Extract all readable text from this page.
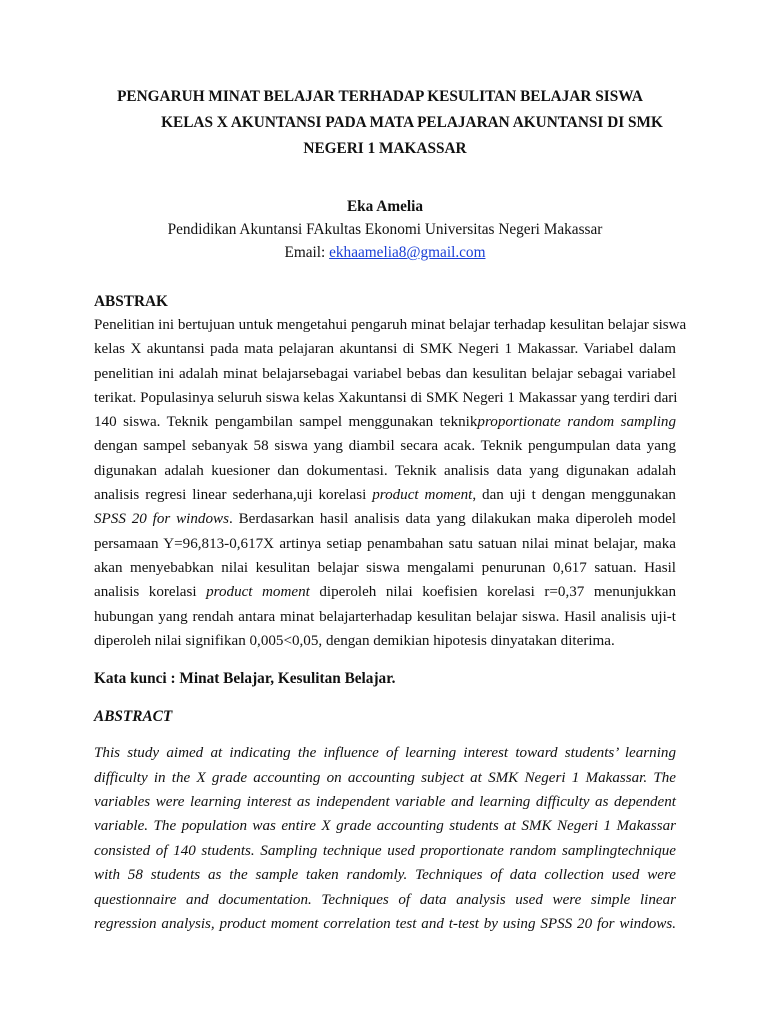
PENGARUH MINAT BELAJAR TERHADAP KESULITAN BELAJAR SISWA
KELAS X AKUNTANSI PADA MATA PELAJARAN AKUNTANSI DI SMK
NEGERI 1 MAKASSAR

Eka Amelia

Pendidikan Akuntansi FAkultas Ekonomi Universitas Negeri Makassar

Email: ekhaamelia8@gmail.com

ABSTRAK
Penelitian ini bertujuan untuk mengetahui pengaruh minat belajar terhadap kesulitan belajar siswa
kelas X akuntansi pada mata pelajaran akuntansi di SMK Negeri 1 Makassar. Variabel dalam
penelitian ini adalah minat belajarsebagai variabel bebas dan kesulitan belajar sebagai variabel
terikat. Populasinya seluruh siswa kelas Xakuntansi di SMK Negeri 1 Makassar yang terdiri dari
140 siswa. Teknik pengambilan sampel menggunakan teknikproportionate random sampling
dengan sampel sebanyak 58 siswa yang diambil secara acak. Teknik pengumpulan data yang
digunakan adalah kuesioner dan dokumentasi. Teknik analisis data yang digunakan adalah
analisis regresi linear sederhana,uji korelasi product moment, dan uji t dengan menggunakan
SPSS 20 for windows. Berdasarkan hasil analisis data yang dilakukan maka diperoleh model
persamaan Y=96,813-0,617X artinya setiap penambahan satu satuan nilai minat belajar, maka
akan menyebabkan nilai kesulitan belajar siswa mengalami penurunan 0,617 satuan. Hasil
analisis korelasi product moment diperoleh nilai koefisien korelasi r=0,37 menunjukkan
hubungan yang rendah antara minat belajarterhadap kesulitan belajar siswa. Hasil analisis uji-t
diperoleh nilai signifikan 0,005<0,05, dengan demikian hipotesis dinyatakan diterima.

Kata kunci : Minat Belajar, Kesulitan Belajar.

ABSTRACT
This study aimed at indicating the influence of learning interest toward students’ learning
difficulty in the X grade accounting on accounting subject at SMK Negeri 1 Makassar. The
variables were learning interest as independent variable and learning difficulty as dependent
variable. The population was entire X grade accounting students at SMK Negeri 1 Makassar
consisted of 140 students. Sampling technique used proportionate random samplingtechnique
with 58 students as the sample taken randomly. Techniques of data collection used were
questionnaire and documentation. Techniques of data analysis used were simple linear
regression analysis, product moment correlation test and t-test by using SPSS 20 for windows.
